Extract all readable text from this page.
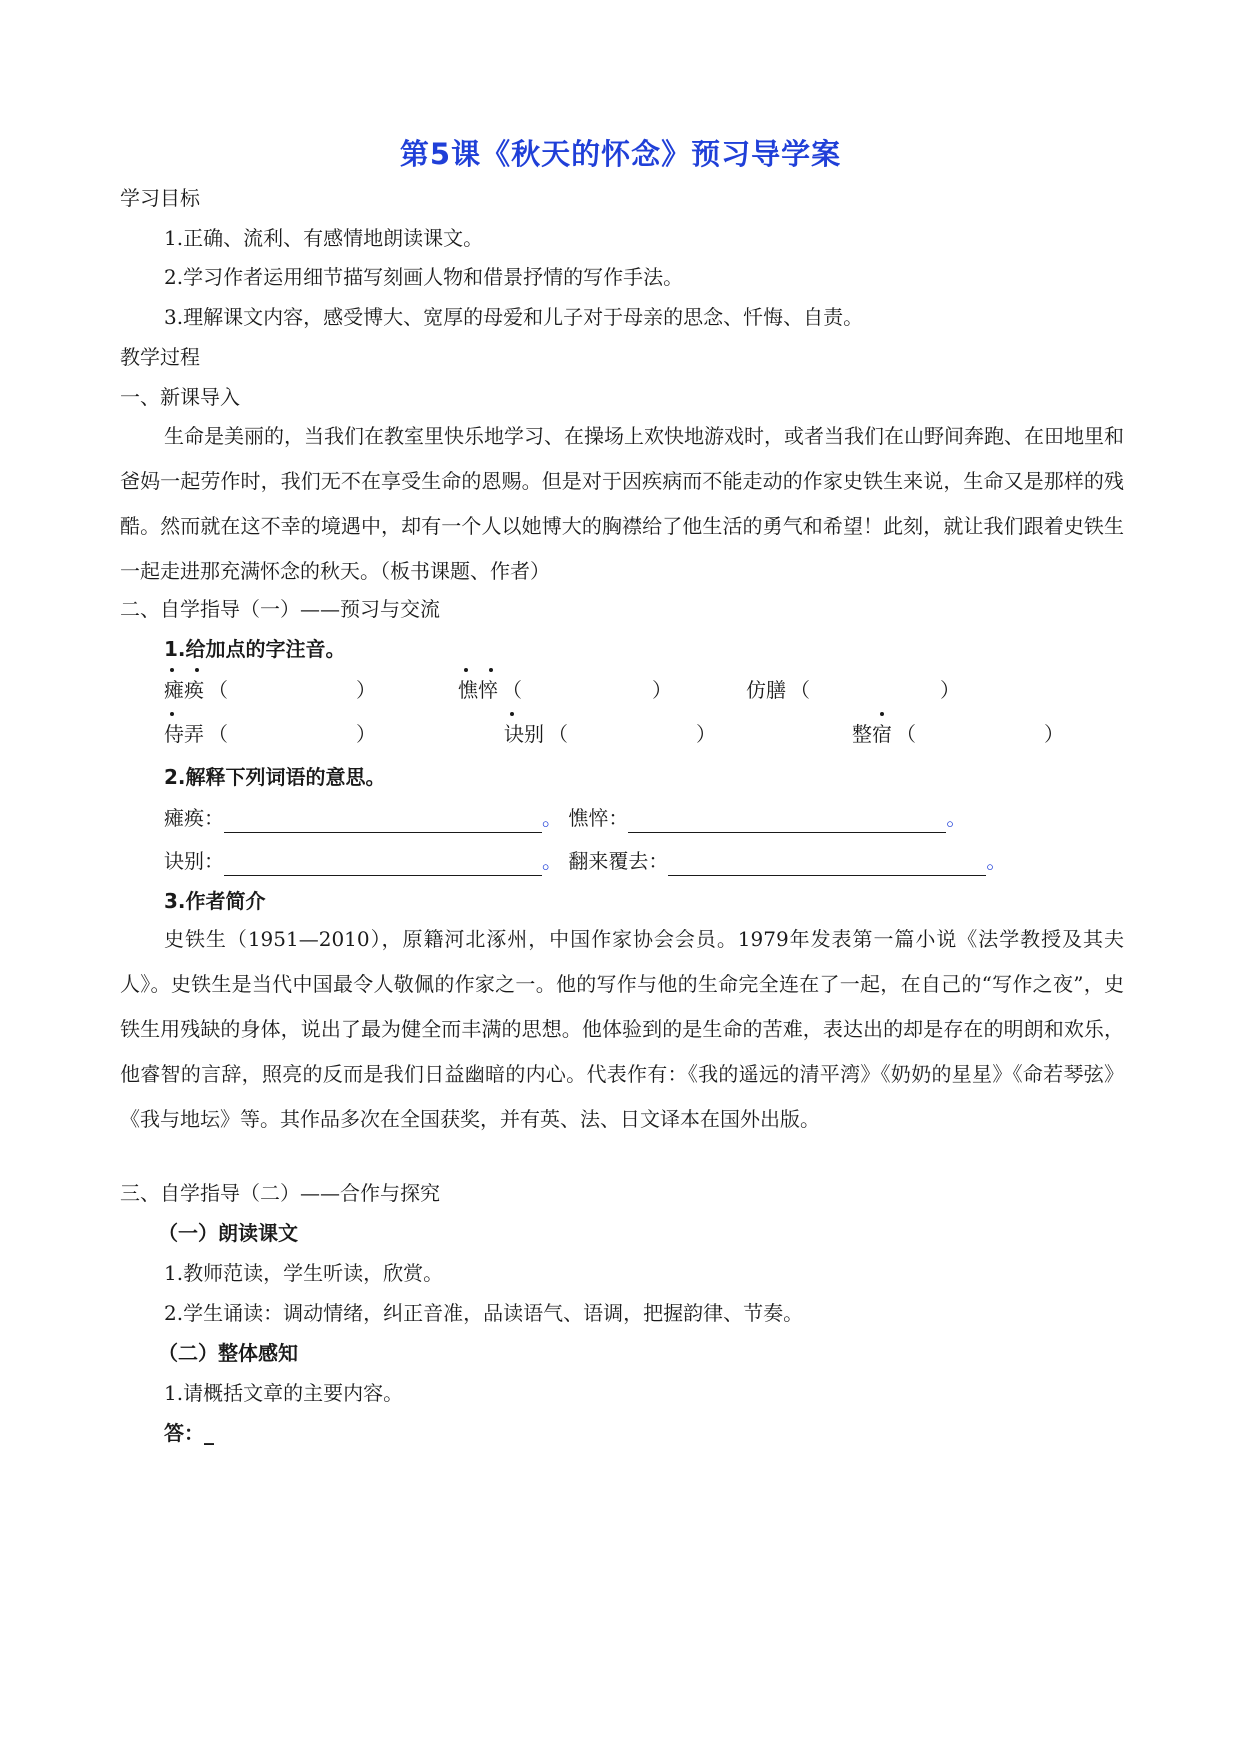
第5课《秋天的怀念》预习导学案
学习目标
1.正确、流利、有感情地朗读课文。
2.学习作者运用细节描写刻画人物和借景抒情的写作手法。
3.理解课文内容，感受博大、宽厚的母爱和儿子对于母亲的思念、忏悔、自责。
教学过程
一、新课导入
生命是美丽的，当我们在教室里快乐地学习、在操场上欢快地游戏时，或者当我们在山野间奔跑、在田地里和爸妈一起劳作时，我们无不在享受生命的恩赐。但是对于因疾病而不能走动的作家史铁生来说，生命又是那样的残酷。然而就在这不幸的境遇中，却有一个人以她博大的胸襟给了他生活的勇气和希望！此刻，就让我们跟着史铁生一起走进那充满怀念的秋天。（板书课题、作者）
二、自学指导（一）——预习与交流
1.给加点的字注音。
瘫痪 （	）	憔悴 （	）	仿膳 （	）
侍弄 （	）	诀别 （	）	整宿 （	）
2.解释下列词语的意思。
瘫痪：	。 憔悴：	。
诀别：	。 翻来覆去：	。
3.作者简介
史铁生（1951—2010），原籍河北涿州，中国作家协会会员。1979年发表第一篇小说《法学教授及其夫人》。史铁生是当代中国最令人敬佩的作家之一。他的写作与他的生命完全连在了一起，在自己的“写作之夜”，史铁生用残缺的身体，说出了最为健全而丰满的思想。他体验到的是生命的苦难，表达出的却是存在的明朗和欢乐，他睿智的言辞，照亮的反而是我们日益幽暗的内心。代表作有：《我的遥远的清平湾》《奶奶的星星》《命若琴弦》《我与地坛》等。其作品多次在全国获奖，并有英、法、日文译本在国外出版。
三、自学指导（二）——合作与探究
（一）朗读课文
1.教师范读，学生听读，欣赏。
2.学生诵读：调动情绪，纠正音准，品读语气、语调，把握韵律、节奏。
（二）整体感知
1.请概括文章的主要内容。
答：_
